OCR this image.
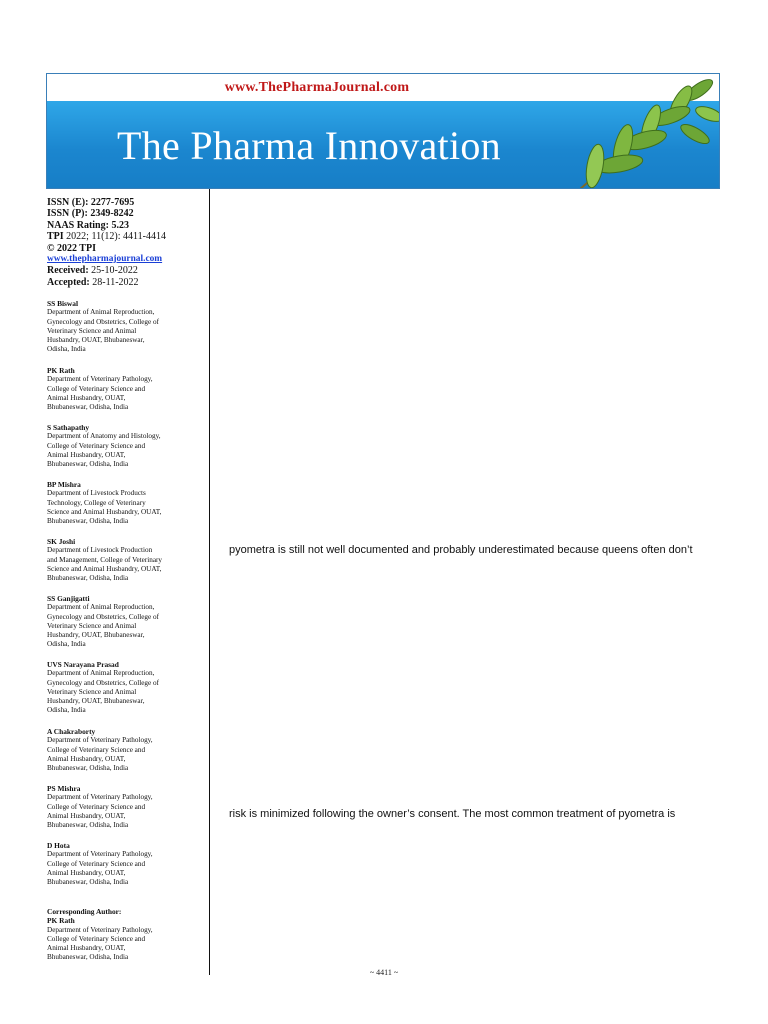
www.ThePharmaJournal.com
The Pharma Innovation
ISSN (E): 2277-7695
ISSN (P): 2349-8242
NAAS Rating: 5.23
TPI 2022; 11(12): 4411-4414
© 2022 TPI
www.thepharmajournal.com
Received: 25-10-2022
Accepted: 28-11-2022
SS Biswal
Department of Animal Reproduction,
Gynecology and Obstetrics, College of
Veterinary Science and Animal
Husbandry, OUAT, Bhubaneswar,
Odisha, India
PK Rath
Department of Veterinary Pathology,
College of Veterinary Science and
Animal Husbandry, OUAT,
Bhubaneswar, Odisha, India
S Sathapathy
Department of Anatomy and Histology,
College of Veterinary Science and
Animal Husbandry, OUAT,
Bhubaneswar, Odisha, India
BP Mishra
Department of Livestock Products
Technology, College of Veterinary
Science and Animal Husbandry, OUAT,
Bhubaneswar, Odisha, India
SK Joshi
Department of Livestock Production
and Management, College of Veterinary
Science and Animal Husbandry, OUAT,
Bhubaneswar, Odisha, India
SS Ganjigatti
Department of Animal Reproduction,
Gynecology and Obstetrics, College of
Veterinary Science and Animal
Husbandry, OUAT, Bhubaneswar,
Odisha, India
UVS Narayana Prasad
Department of Animal Reproduction,
Gynecology and Obstetrics, College of
Veterinary Science and Animal
Husbandry, OUAT, Bhubaneswar,
Odisha, India
A Chakraborty
Department of Veterinary Pathology,
College of Veterinary Science and
Animal Husbandry, OUAT,
Bhubaneswar, Odisha, India
PS Mishra
Department of Veterinary Pathology,
College of Veterinary Science and
Animal Husbandry, OUAT,
Bhubaneswar, Odisha, India
D Hota
Department of Veterinary Pathology,
College of Veterinary Science and
Animal Husbandry, OUAT,
Bhubaneswar, Odisha, India
Corresponding Author:
PK Rath
Department of Veterinary Pathology,
College of Veterinary Science and
Animal Husbandry, OUAT,
Bhubaneswar, Odisha, India
pyometra is still not well documented and probably underestimated because queens often don’t
risk is minimized following the owner’s consent. The most common treatment of pyometra is
~ 4411 ~
